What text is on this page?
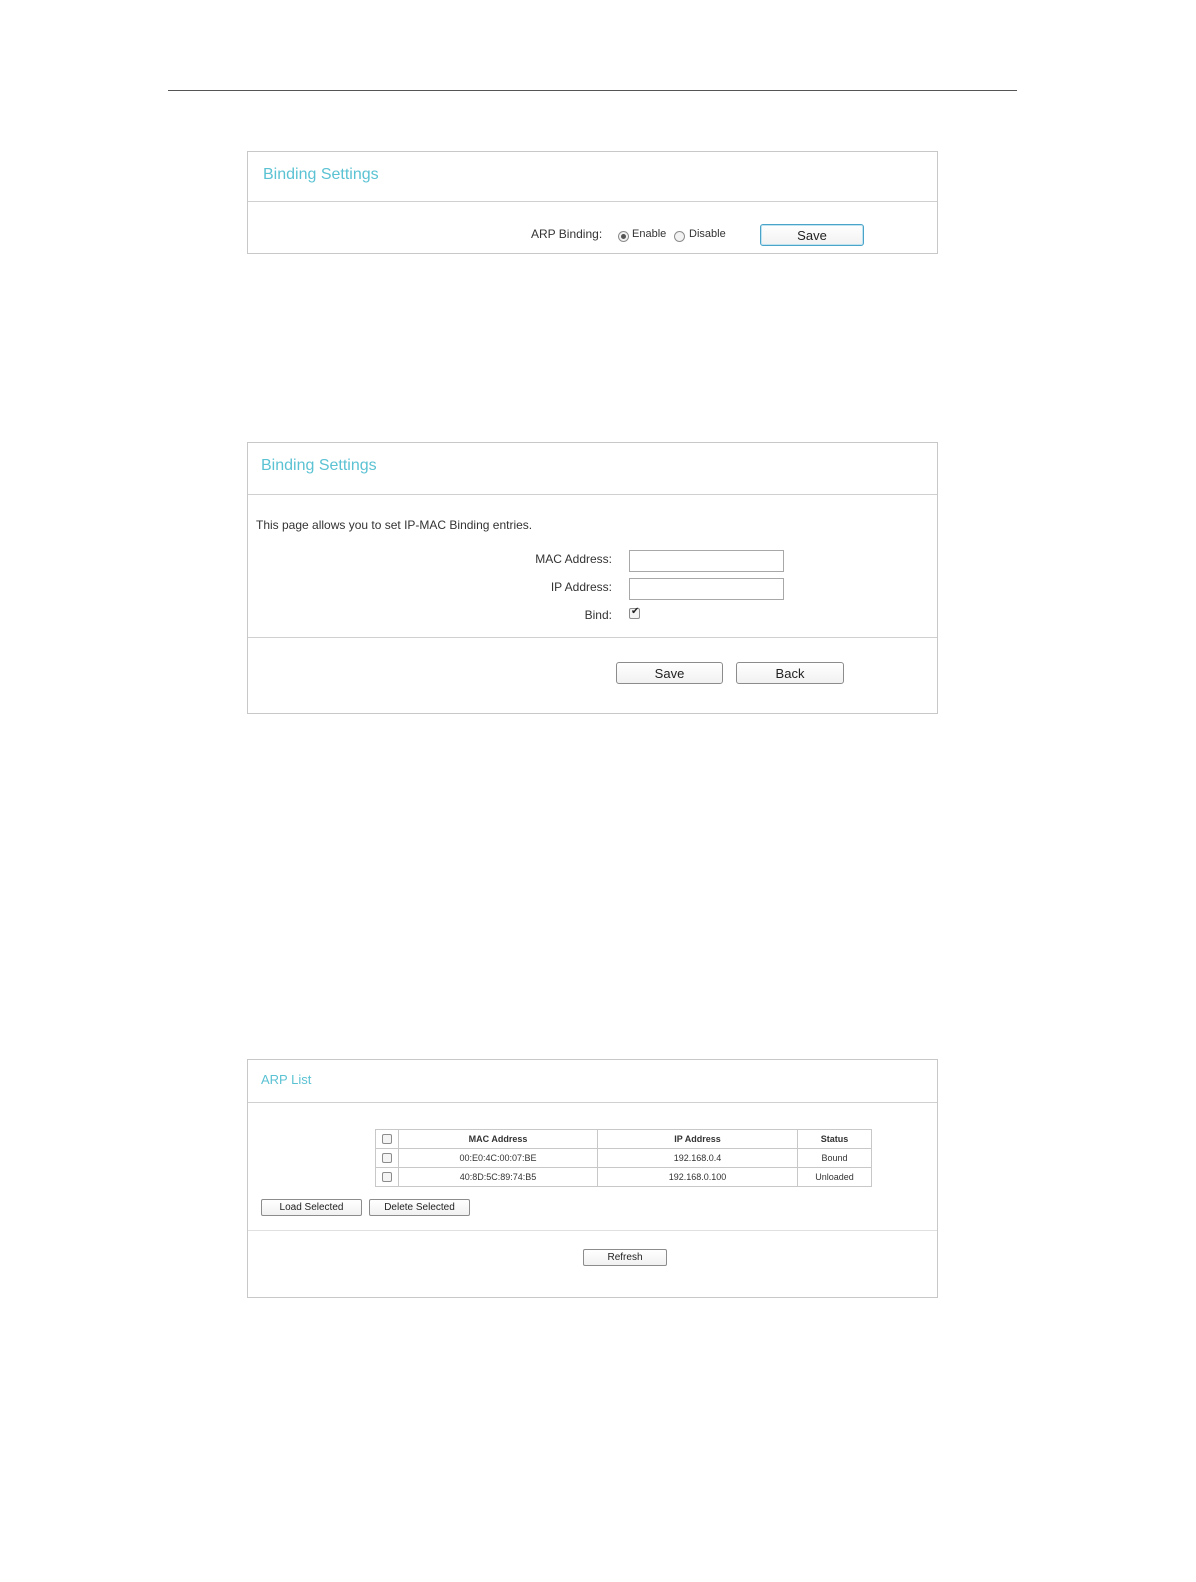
Binding Settings
ARP Binding:	Enable Disable	Save
Binding Settings
This page allows you to set IP-MAC Binding entries.
MAC Address:
IP Address:
Bind: ✔
Save	Back
ARP List
	MAC Address	IP Address	Status
	00:E0:4C:00:07:BE	192.168.0.4	Bound
	40:8D:5C:89:74:B5	192.168.0.100	Unloaded
Load Selected	Delete Selected
Refresh
